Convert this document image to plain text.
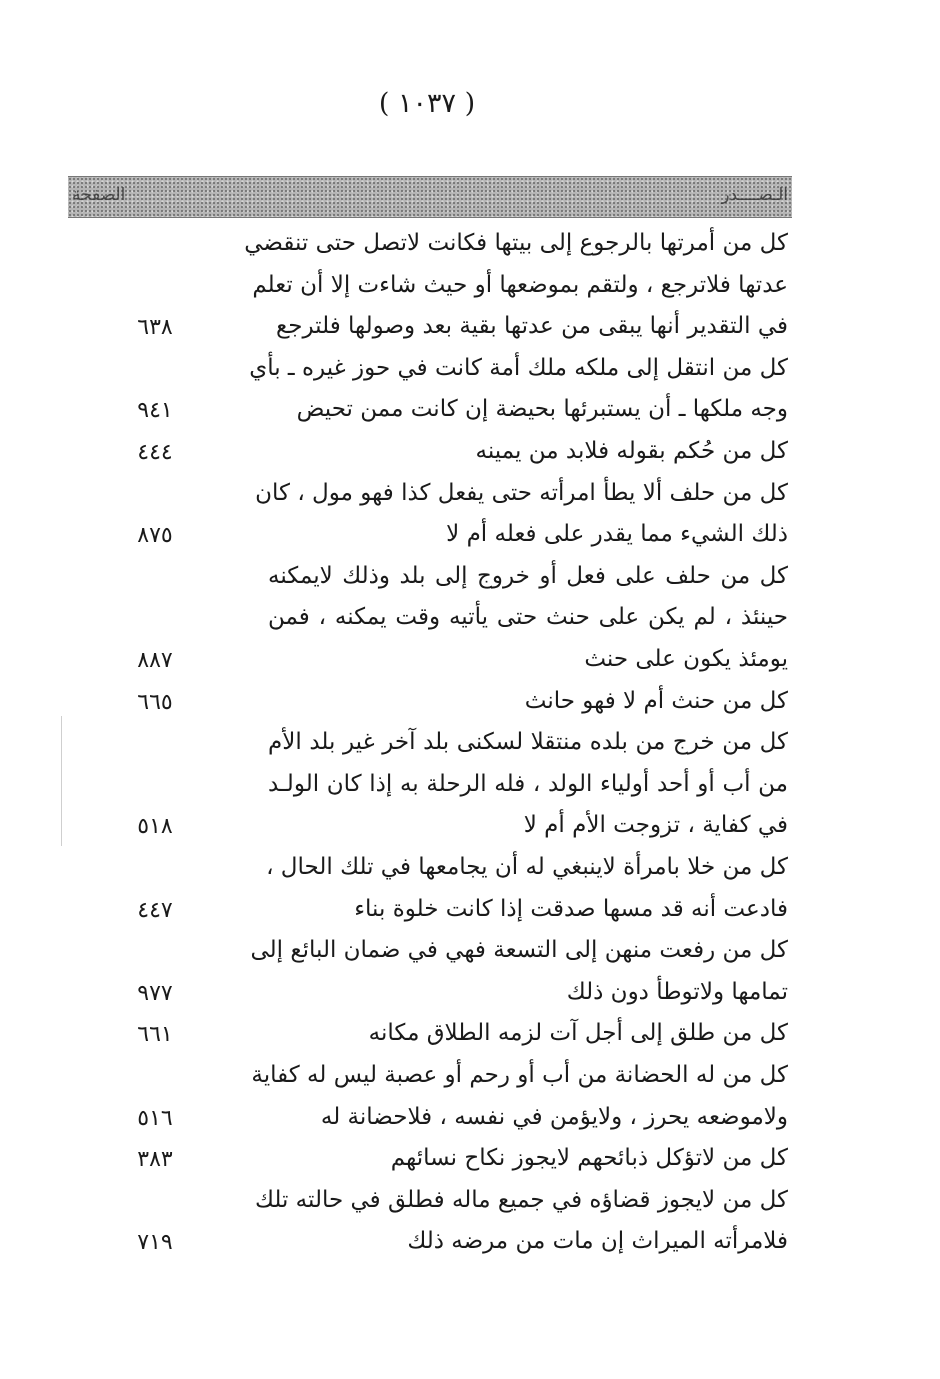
( ١٠٣٧ )
الـصــــدر
الصفحة
كل من أمرتها بالرجوع إلى بيتها فكانت لاتصل حتى تنقضي
عدتها فلاترجع ، ولتقم بموضعها أو حيث شاءت إلا أن تعلم
في التقدير أنها يبقى من عدتها بقية بعد وصولها فلترجع
٦٣٨
كل من انتقل إلى ملكه ملك أمة كانت في حوز غيره ـ بأي
وجه ملكها ـ أن يستبرئها بحيضة إن كانت ممن تحيض
٩٤١
كل من حُكم بقوله فلابد من يمينه
٤٤٤
كل من حلف ألا يطأ امرأته حتى يفعل كذا فهو مول ، كان
ذلك الشيء مما يقدر على فعله أم لا
٨٧٥
كل من حلف على فعل أو خروج إلى بلد وذلك لايمكنه
حينئذ ، لم يكن على حنث حتى يأتيه وقت يمكنه ، فمن
يومئذ يكون على حنث
٨٨٧
كل من حنث أم لا فهو حانث
٦٦٥
كل من خرج من بلده منتقلا لسكنى بلد آخر غير بلد الأم
من أب أو أحد أولياء الولد ، فله الرحلة به إذا كان الولـد
في كفاية ، تزوجت الأم أم لا
٥١٨
كل من خلا بامرأة لاينبغي له أن يجامعها في تلك الحال ،
فادعت أنه قد مسها صدقت إذا كانت خلوة بناء
٤٤٧
كل من رفعت منهن إلى التسعة فهي في ضمان البائع إلى
تمامها ولاتوطأ دون ذلك
٩٧٧
كل من طلق إلى أجل آت لزمه الطلاق مكانه
٦٦١
كل من له الحضانة من أب أو رحم أو عصبة ليس له كفاية
ولاموضعه يحرز ، ولايؤمن في نفسه ، فلاحضانة له
٥١٦
كل من لاتؤكل ذبائحهم لايجوز نكاح نسائهم
٣٨٣
كل من لايجوز قضاؤه في جميع ماله فطلق في حالته تلك
فلامرأته الميراث إن مات من مرضه ذلك
٧١٩
